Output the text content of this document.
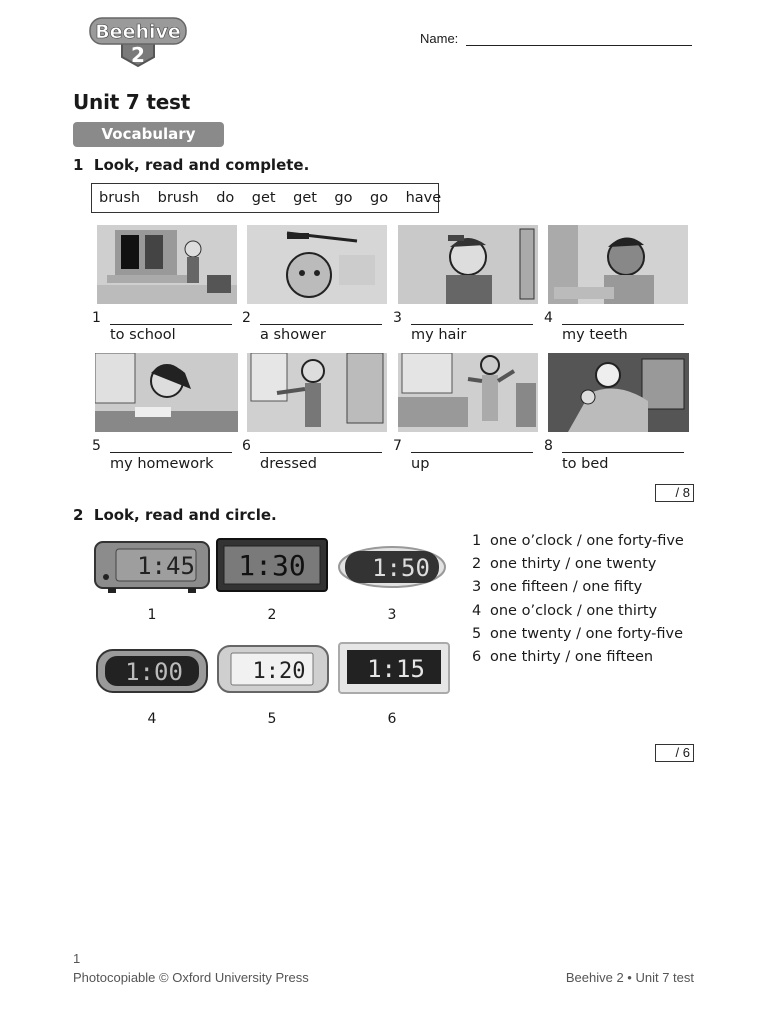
Beehive
2
Name:
Unit 7 test
Vocabulary
1 Look, read and complete.
brush brush do get get go go have
1
to school
2
a shower
3
my hair
4
my teeth
5
my homework
6
dressed
7
up
8
to bed
/ 8
2 Look, read and circle.
1:45 1:30	1:50
1	2	3
1:00	1:20	1:15
4	5	6
1 one o’clock / one forty-five
2 one thirty / one twenty
3 one fifteen / one fifty
4 one o’clock / one thirty
5 one twenty / one forty-five
6 one thirty / one fifteen
/ 6
1
Photocopiable © Oxford University Press	Beehive 2 • Unit 7 test
